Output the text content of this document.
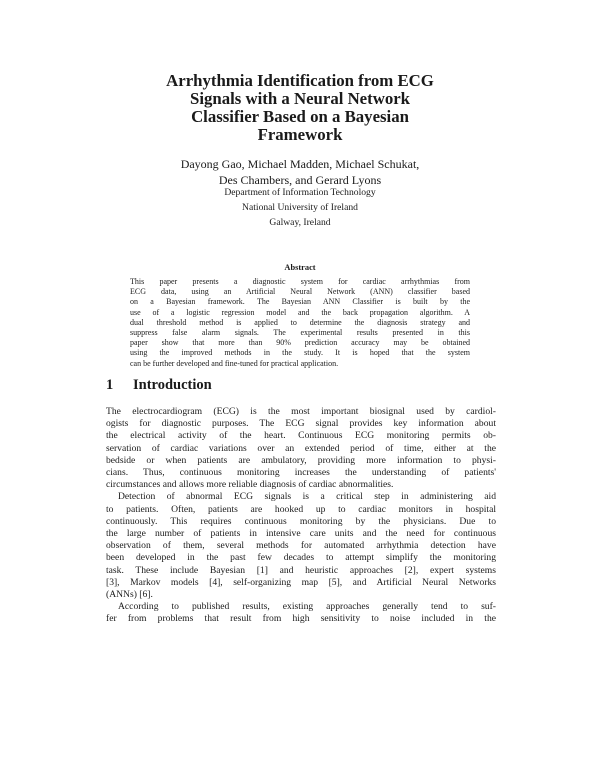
Arrhythmia Identification from ECG
Signals with a Neural Network
Classifier Based on a Bayesian
Framework
Dayong Gao, Michael Madden, Michael Schukat,
Des Chambers, and Gerard Lyons
Department of Information Technology
National University of Ireland
Galway, Ireland
Abstract
This paper presents a diagnostic system for cardiac arrhythmias from
ECG data, using an Artificial Neural Network (ANN) classifier based
on a Bayesian framework. The Bayesian ANN Classifier is built by the
use of a logistic regression model and the back propagation algorithm. A
dual threshold method is applied to determine the diagnosis strategy and
suppress false alarm signals. The experimental results presented in this
paper show that more than 90% prediction accuracy may be obtained
using the improved methods in the study. It is hoped that the system
can be further developed and fine-tuned for practical application.
1 Introduction
The electrocardiogram (ECG) is the most important biosignal used by cardiol-
ogists for diagnostic purposes. The ECG signal provides key information about
the electrical activity of the heart. Continuous ECG monitoring permits ob-
servation of cardiac variations over an extended period of time, either at the
bedside or when patients are ambulatory, providing more information to physi-
cians. Thus, continuous monitoring increases the understanding of patients'
circumstances and allows more reliable diagnosis of cardiac abnormalities.
Detection of abnormal ECG signals is a critical step in administering aid
to patients. Often, patients are hooked up to cardiac monitors in hospital
continuously. This requires continuous monitoring by the physicians. Due to
the large number of patients in intensive care units and the need for continuous
observation of them, several methods for automated arrhythmia detection have
been developed in the past few decades to attempt simplify the monitoring
task. These include Bayesian [1] and heuristic approaches [2], expert systems
[3], Markov models [4], self-organizing map [5], and Artificial Neural Networks
(ANNs) [6].
According to published results, existing approaches generally tend to suf-
fer from problems that result from high sensitivity to noise included in the
